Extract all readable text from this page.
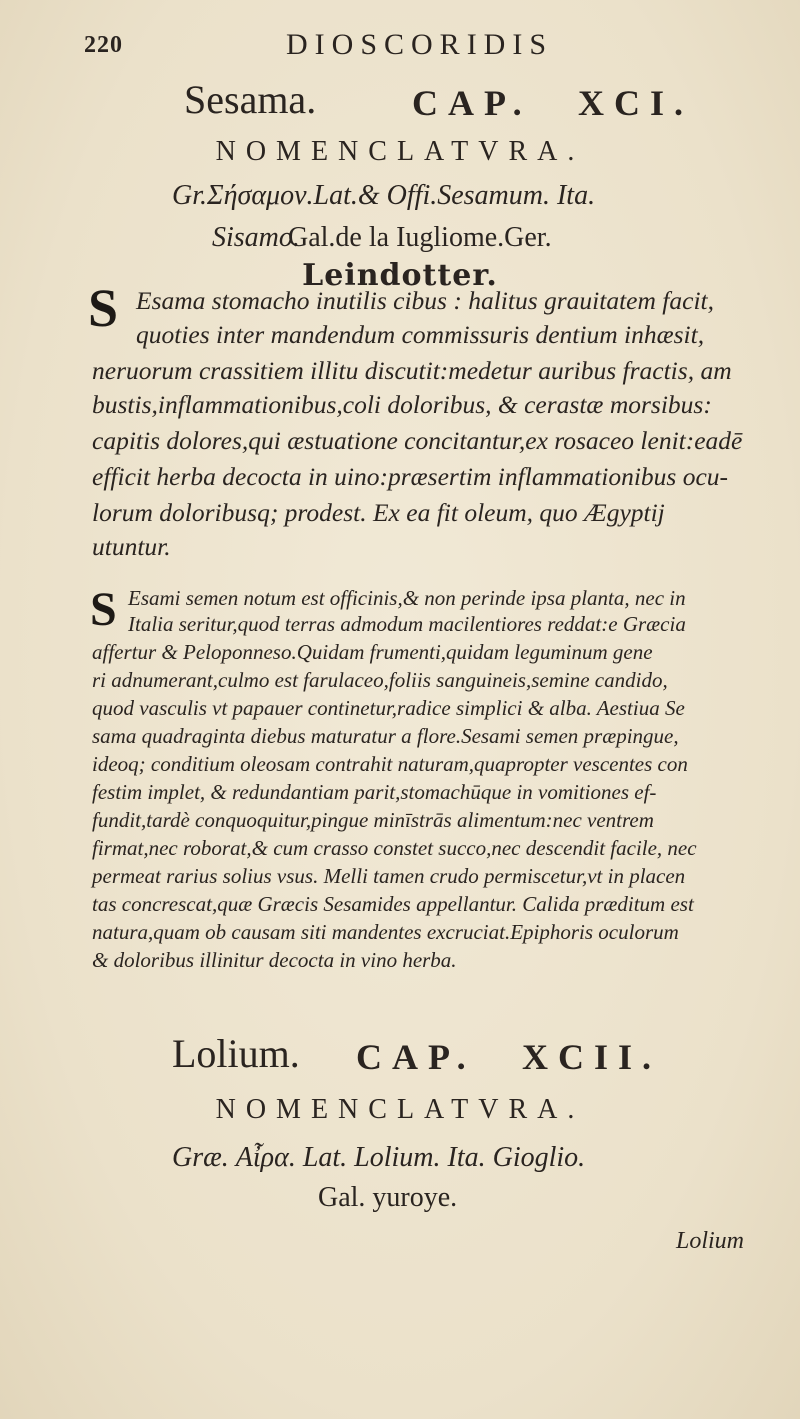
220	DIOSCORIDIS
Sesama.	CAP. XCI.
NOMENCLATVRA.
Gr.Σήσαμον.Lat.& Offi.Sesamum. Ita.
Sisamo.
Gal.de la Iugliome.Ger.
Leindotter.
S Esama stomacho inutilis cibus : halitus grauitatem facit,
quoties inter mandendum commissuris dentium inhæsit,
neruorum crassitiem illitu discutit:medetur auribus fractis, am
bustis,inflammationibus,coli doloribus, & cerastæ morsibus:
capitis dolores,qui æstuatione concitantur,ex rosaceo lenit:eadē
efficit herba decocta in uino:præsertim inflammationibus ocu-
lorum doloribusq; prodest. Ex ea fit oleum, quo Ægyptij
utuntur.
S Esami semen notum est officinis,& non perinde ipsa planta, nec in
Italia seritur,quod terras admodum macilentiores reddat:e Græcia
affertur & Peloponneso.Quidam frumenti,quidam leguminum gene
ri adnumerant,culmo est farulaceo,foliis sanguineis,semine candido,
quod vasculis vt papauer continetur,radice simplici & alba. Aestiua Se
sama quadraginta diebus maturatur a flore.Sesami semen præpingue,
ideoq; conditium oleosam contrahit naturam,quapropter vescentes con
festim implet, & redundantiam parit,stomachūque in vomitiones ef-
fundit,tardè conquoquitur,pingue minīstrās alimentum:nec ventrem
firmat,nec roborat,& cum crasso constet succo,nec descendit facile, nec
permeat rarius solius vsus. Melli tamen crudo permiscetur,vt in placen
tas concrescat,quæ Græcis Sesamides appellantur. Calida præditum est
natura,quam ob causam siti mandentes excruciat.Epiphoris oculorum
& doloribus illinitur decocta in vino herba.
Lolium. CAP. XCII.
NOMENCLATVRA.
Græ. Αἶρα. Lat. Lolium. Ita. Gioglio.
Gal. yuroye.
Lolium
